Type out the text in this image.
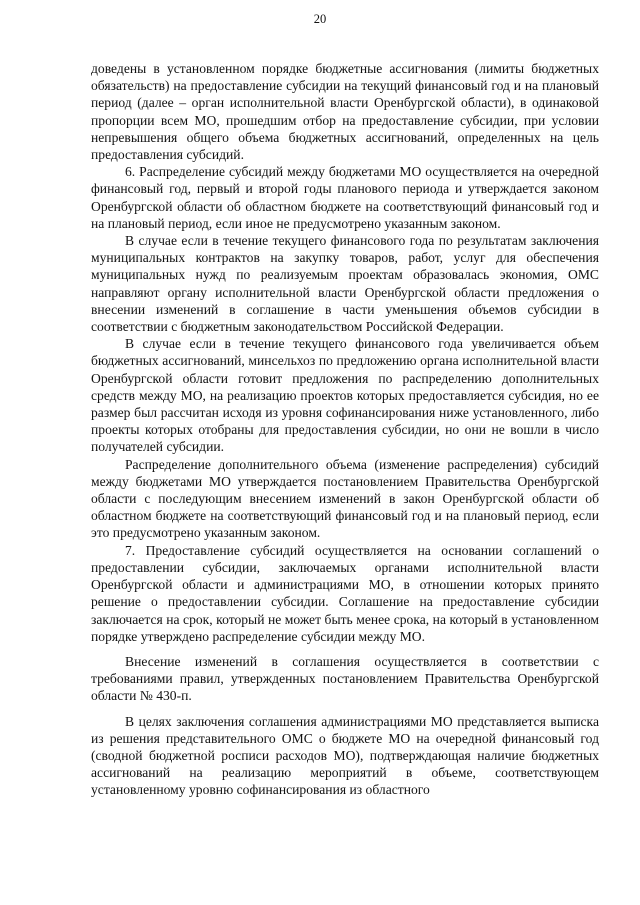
20

доведены в установленном порядке бюджетные ассигнования (лимиты бюджетных обязательств) на предоставление субсидии на текущий финансовый год и на плановый период (далее – орган исполнительной власти Оренбургской области), в одинаковой пропорции всем МО, прошедшим отбор на предоставление субсидии, при условии непревышения общего объема бюджетных ассигнований, определенных на цель предоставления субсидий.

6. Распределение субсидий между бюджетами МО осуществляется на очередной финансовый год, первый и второй годы планового периода и утверждается законом Оренбургской области об областном бюджете на соответствующий финансовый год и на плановый период, если иное не предусмотрено указанным законом.

В случае если в течение текущего финансового года по результатам заключения муниципальных контрактов на закупку товаров, работ, услуг для обеспечения муниципальных нужд по реализуемым проектам образовалась экономия, ОМС направляют органу исполнительной власти Оренбургской области предложения о внесении изменений в соглашение в части уменьшения объемов субсидии в соответствии с бюджетным законодательством Российской Федерации.

В случае если в течение текущего финансового года увеличивается объем бюджетных ассигнований, минсельхоз по предложению органа исполнительной власти Оренбургской области готовит предложения по распределению дополнительных средств между МО, на реализацию проектов которых предоставляется субсидия, но ее размер был рассчитан исходя из уровня софинансирования ниже установленного, либо проекты которых отобраны для предоставления субсидии, но они не вошли в число получателей субсидии.

Распределение дополнительного объема (изменение распределения) субсидий между бюджетами МО утверждается постановлением Правительства Оренбургской области с последующим внесением изменений в закон Оренбургской области об областном бюджете на соответствующий финансовый год и на плановый период, если это предусмотрено указанным законом.

7. Предоставление субсидий осуществляется на основании соглашений о предоставлении субсидии, заключаемых органами исполнительной власти Оренбургской области и администрациями МО, в отношении которых принято решение о предоставлении субсидии. Соглашение на предоставление субсидии заключается на срок, который не может быть менее срока, на который в установленном порядке утверждено распределение субсидии между МО.

Внесение изменений в соглашения осуществляется в соответствии с требованиями правил, утвержденных постановлением Правительства Оренбургской области № 430-п.

В целях заключения соглашения администрациями МО представляется выписка из решения представительного ОМС о бюджете МО на очередной финансовый год (сводной бюджетной росписи расходов МО), подтверждающая наличие бюджетных ассигнований на реализацию мероприятий в объеме, соответствующем установленному уровню софинансирования из областного
